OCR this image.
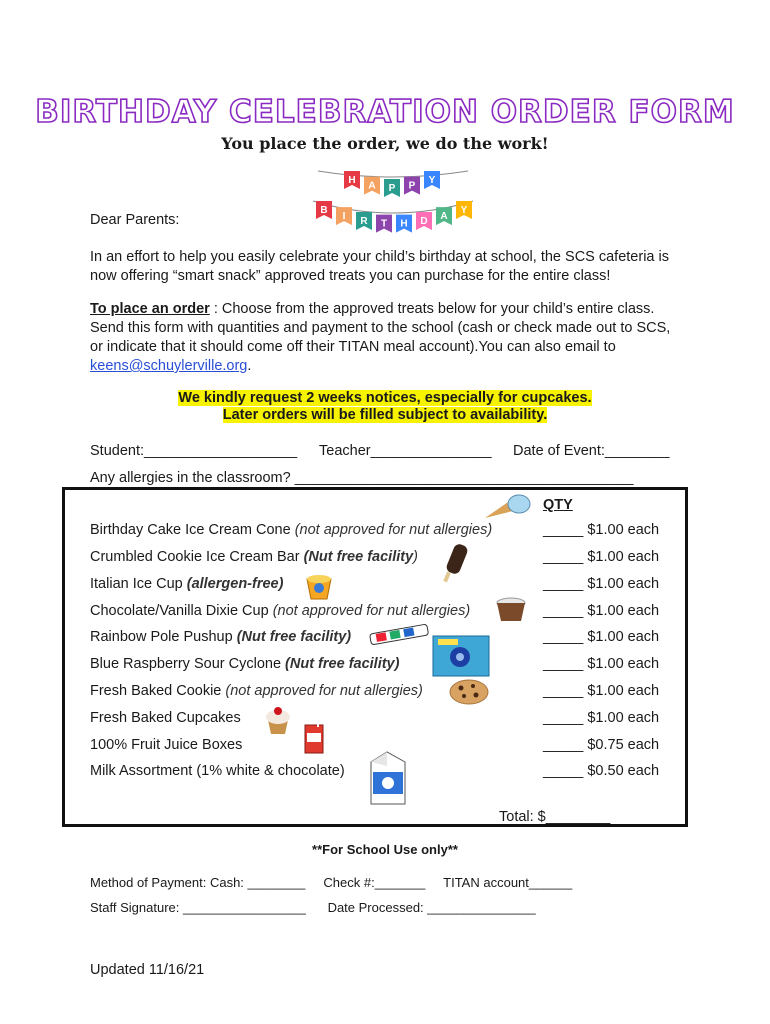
BIRTHDAY CELEBRATION ORDER FORM
You place the order, we do the work!
H
A P P
Y
B
I R T H D A
Y
Dear Parents:
In an effort to help you easily celebrate your child’s birthday at school, the SCS cafeteria is now offering “smart snack” approved treats you can purchase for the entire class!
To place an order : Choose from the approved treats below for your child’s entire class. Send this form with quantities and payment to the school (cash or check made out to SCS, or indicate that it should come off their TITAN meal account).You can also email to keens@schuylerville.org.
We kindly request 2 weeks notices, especially for cupcakes.
Later orders will be filled subject to availability.
Student:___________________ Teacher_______________ Date of Event:________
Any allergies in the classroom? __________________________________________
QTY
Birthday Cake Ice Cream Cone (not approved for nut allergies)	_____ $1.00 each
Crumbled Cookie Ice Cream Bar (Nut free facility)	_____ $1.00 each
Italian Ice Cup (allergen-free)	_____ $1.00 each
Chocolate/Vanilla Dixie Cup (not approved for nut allergies)	_____ $1.00 each
Rainbow Pole Pushup (Nut free facility)	_____ $1.00 each
Blue Raspberry Sour Cyclone (Nut free facility)	_____ $1.00 each
Fresh Baked Cookie (not approved for nut allergies)	_____ $1.00 each
Fresh Baked Cupcakes	_____ $1.00 each
100% Fruit Juice Boxes	_____ $0.75 each
Milk Assortment (1% white & chocolate)	_____ $0.50 each
Total: $________
**For School Use only**
Method of Payment: Cash: ________     Check #:_______     TITAN account______
Staff Signature: _________________      Date Processed: _______________
Updated 11/16/21
